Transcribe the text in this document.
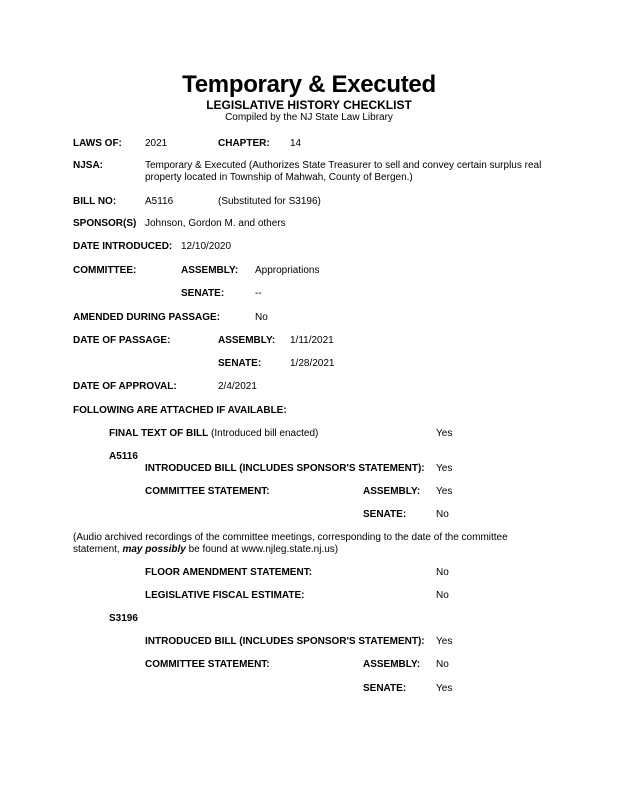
Temporary & Executed
LEGISLATIVE HISTORY CHECKLIST
Compiled by the NJ State Law Library
LAWS OF: 2021	CHAPTER: 14
NJSA:	Temporary & Executed (Authorizes State Treasurer to sell and convey certain surplus real
property located in Township of Mahwah, County of Bergen.)
BILL NO:	A5116	(Substituted for S3196)
SPONSOR(S) Johnson, Gordon M. and others
DATE INTRODUCED: 12/10/2020
COMMITTEE:	ASSEMBLY: Appropriations
SENATE:	--
AMENDED DURING PASSAGE:	No
DATE OF PASSAGE:	ASSEMBLY: 1/11/2021
SENATE:	1/28/2021
DATE OF APPROVAL:	2/4/2021
FOLLOWING ARE ATTACHED IF AVAILABLE:
FINAL TEXT OF BILL (Introduced bill enacted)	Yes
A5116
INTRODUCED BILL (INCLUDES SPONSOR'S STATEMENT): Yes
COMMITTEE STATEMENT:	ASSEMBLY: Yes
SENATE:	No
(Audio archived recordings of the committee meetings, corresponding to the date of the committee
statement, may possibly be found at www.njleg.state.nj.us)
FLOOR AMENDMENT STATEMENT:	No
LEGISLATIVE FISCAL ESTIMATE:	No
S3196
INTRODUCED BILL (INCLUDES SPONSOR'S STATEMENT): Yes
COMMITTEE STATEMENT:	ASSEMBLY: No
SENATE:	Yes
